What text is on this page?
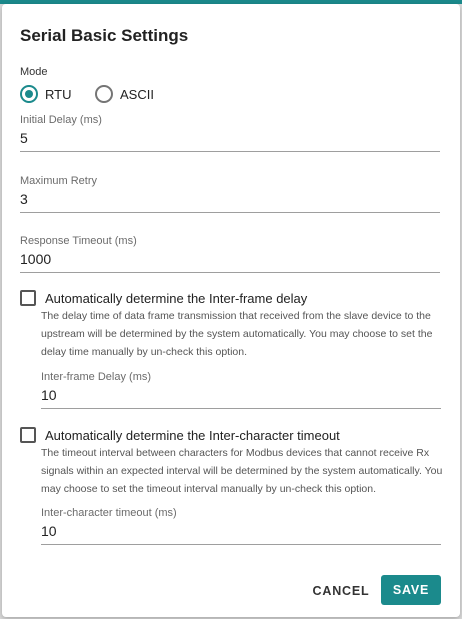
Serial Basic Settings
Mode
RTU	ASCII
Initial Delay (ms)
5
Maximum Retry
3
Response Timeout (ms)
1000
Automatically determine the Inter-frame delay
The delay time of data frame transmission that received from the slave device to the upstream will be determined by the system automatically. You may choose to set the delay time manually by un-check this option.
Inter-frame Delay (ms)
10
Automatically determine the Inter-character timeout
The timeout interval between characters for Modbus devices that cannot receive Rx signals within an expected interval will be determined by the system automatically. You may choose to set the timeout interval manually by un-check this option.
Inter-character timeout (ms)
10
CANCEL	SAVE
